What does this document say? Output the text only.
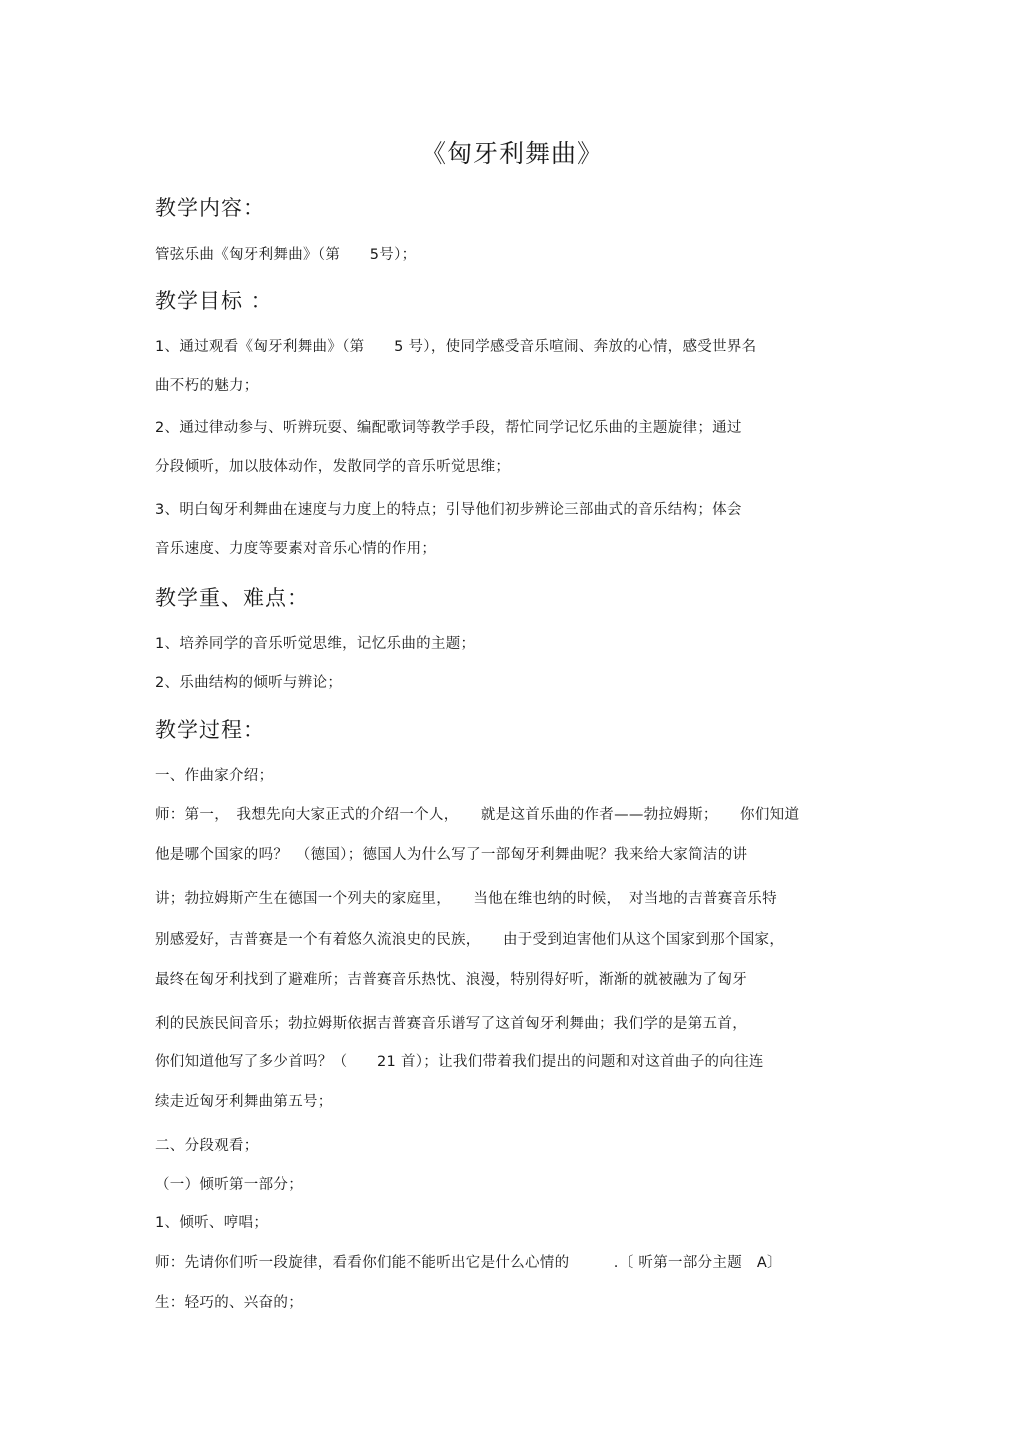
《匈牙利舞曲》
教学内容：
管弦乐曲《匈牙利舞曲》（第　　5号）；
教学目标 ：
1、通过观看《匈牙利舞曲》（第　　5 号），使同学感受音乐喧闹、奔放的心情，感受世界名
曲不朽的魅力；
2、通过律动参与、听辨玩耍、编配歌词等教学手段，帮忙同学记忆乐曲的主题旋律；通过
分段倾听，加以肢体动作，发散同学的音乐听觉思维；
3、明白匈牙利舞曲在速度与力度上的特点；引导他们初步辨论三部曲式的音乐结构；体会
音乐速度、力度等要素对音乐心情的作用；
教学重、难点：
1、培养同学的音乐听觉思维，记忆乐曲的主题；
2、乐曲结构的倾听与辨论；
教学过程：
一、作曲家介绍；
师：第一，　我想先向大家正式的介绍一个人，　　就是这首乐曲的作者——勃拉姆斯；　　你们知道
他是哪个国家的吗？　（德国）；德国人为什么写了一部匈牙利舞曲呢？我来给大家简洁的讲
讲；勃拉姆斯产生在德国一个列夫的家庭里，　　当他在维也纳的时候，　对当地的吉普赛音乐特
别感爱好，吉普赛是一个有着悠久流浪史的民族，　　由于受到迫害他们从这个国家到那个国家，
最终在匈牙利找到了避难所；吉普赛音乐热忱、浪漫，特别得好听，渐渐的就被融为了匈牙
利的民族民间音乐；勃拉姆斯依据吉普赛音乐谱写了这首匈牙利舞曲；我们学的是第五首，
你们知道他写了多少首吗？（　　21 首）；让我们带着我们提出的问题和对这首曲子的向往连
续走近匈牙利舞曲第五号；
二、分段观看；
（一）倾听第一部分；
1、倾听、哼唱；
师：先请你们听一段旋律，看看你们能不能听出它是什么心情的　　　.〔 听第一部分主题　A〕
生：轻巧的、兴奋的；
